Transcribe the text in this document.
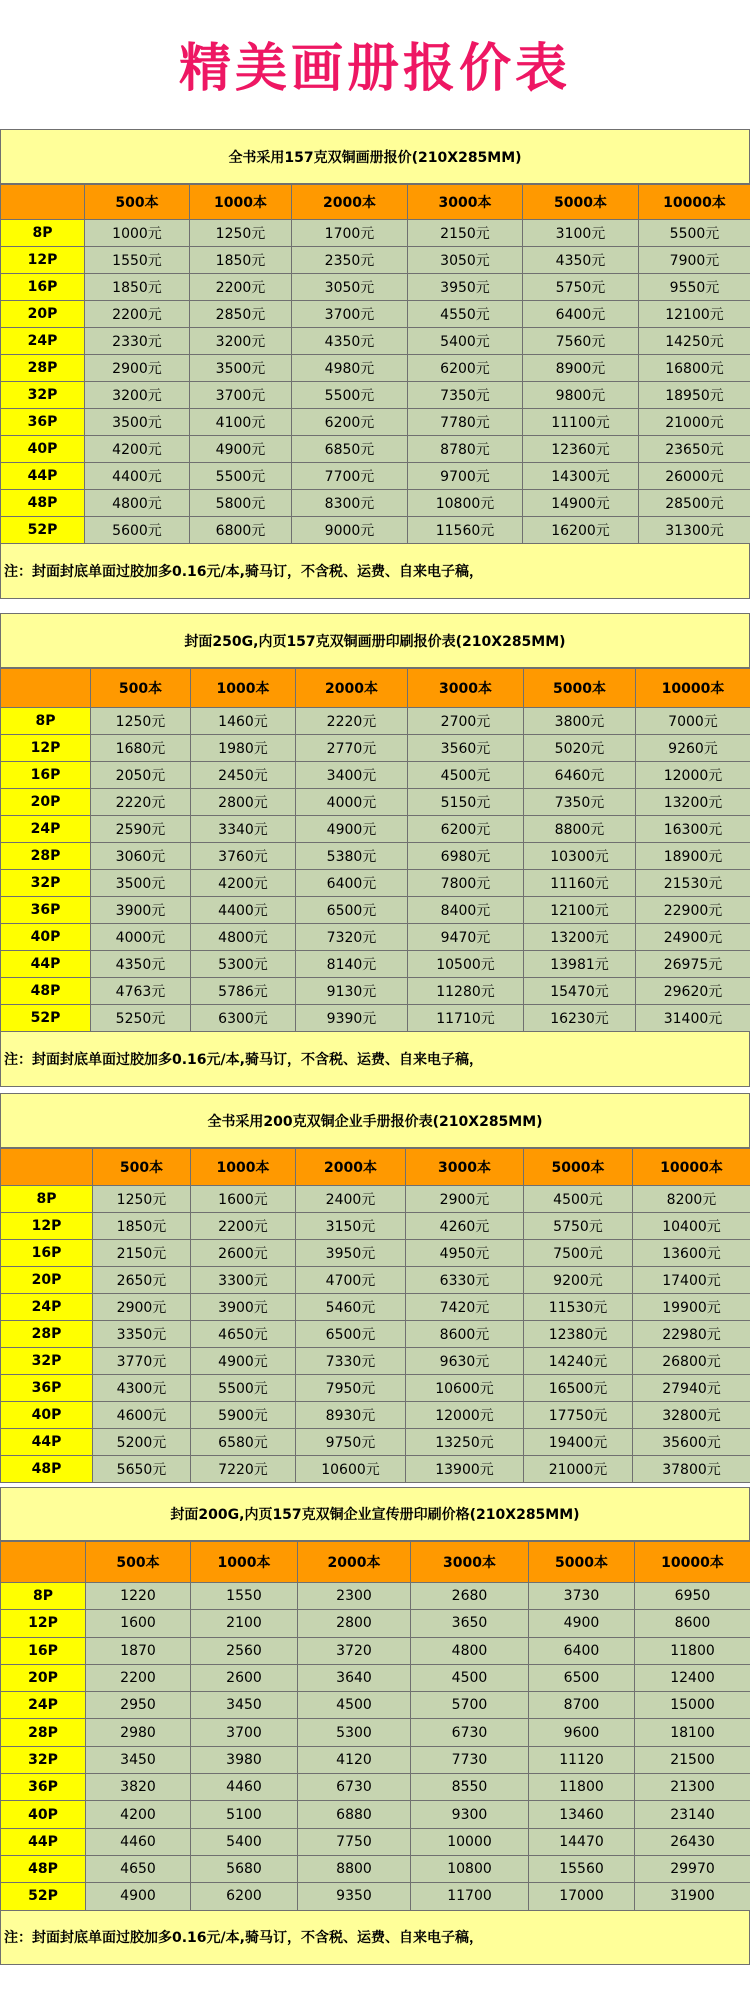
精美画册报价表
全书采用157克双铜画册报价(210X285MM)
	500本	1000本	2000本	3000本	5000本	10000本
8P	1000元	1250元	1700元	2150元	3100元	5500元
12P	1550元	1850元	2350元	3050元	4350元	7900元
16P	1850元	2200元	3050元	3950元	5750元	9550元
20P	2200元	2850元	3700元	4550元	6400元	12100元
24P	2330元	3200元	4350元	5400元	7560元	14250元
28P	2900元	3500元	4980元	6200元	8900元	16800元
32P	3200元	3700元	5500元	7350元	9800元	18950元
36P	3500元	4100元	6200元	7780元	11100元	21000元
40P	4200元	4900元	6850元	8780元	12360元	23650元
44P	4400元	5500元	7700元	9700元	14300元	26000元
48P	4800元	5800元	8300元	10800元	14900元	28500元
52P	5600元	6800元	9000元	11560元	16200元	31300元
注：封面封底单面过胶加多0.16元/本,骑马订，不含税、运费、自来电子稿，
封面250G,内页157克双铜画册印刷报价表(210X285MM)
	500本	1000本	2000本	3000本	5000本	10000本
8P	1250元	1460元	2220元	2700元	3800元	7000元
12P	1680元	1980元	2770元	3560元	5020元	9260元
16P	2050元	2450元	3400元	4500元	6460元	12000元
20P	2220元	2800元	4000元	5150元	7350元	13200元
24P	2590元	3340元	4900元	6200元	8800元	16300元
28P	3060元	3760元	5380元	6980元	10300元	18900元
32P	3500元	4200元	6400元	7800元	11160元	21530元
36P	3900元	4400元	6500元	8400元	12100元	22900元
40P	4000元	4800元	7320元	9470元	13200元	24900元
44P	4350元	5300元	8140元	10500元	13981元	26975元
48P	4763元	5786元	9130元	11280元	15470元	29620元
52P	5250元	6300元	9390元	11710元	16230元	31400元
注：封面封底单面过胶加多0.16元/本,骑马订，不含税、运费、自来电子稿，
全书采用200克双铜企业手册报价表(210X285MM)
	500本	1000本	2000本	3000本	5000本	10000本
8P	1250元	1600元	2400元	2900元	4500元	8200元
12P	1850元	2200元	3150元	4260元	5750元	10400元
16P	2150元	2600元	3950元	4950元	7500元	13600元
20P	2650元	3300元	4700元	6330元	9200元	17400元
24P	2900元	3900元	5460元	7420元	11530元	19900元
28P	3350元	4650元	6500元	8600元	12380元	22980元
32P	3770元	4900元	7330元	9630元	14240元	26800元
36P	4300元	5500元	7950元	10600元	16500元	27940元
40P	4600元	5900元	8930元	12000元	17750元	32800元
44P	5200元	6580元	9750元	13250元	19400元	35600元
48P	5650元	7220元	10600元	13900元	21000元	37800元
封面200G,内页157克双铜企业宣传册印刷价格(210X285MM)
	500本	1000本	2000本	3000本	5000本	10000本
8P	1220	1550	2300	2680	3730	6950
12P	1600	2100	2800	3650	4900	8600
16P	1870	2560	3720	4800	6400	11800
20P	2200	2600	3640	4500	6500	12400
24P	2950	3450	4500	5700	8700	15000
28P	2980	3700	5300	6730	9600	18100
32P	3450	3980	4120	7730	11120	21500
36P	3820	4460	6730	8550	11800	21300
40P	4200	5100	6880	9300	13460	23140
44P	4460	5400	7750	10000	14470	26430
48P	4650	5680	8800	10800	15560	29970
52P	4900	6200	9350	11700	17000	31900
注：封面封底单面过胶加多0.16元/本,骑马订，不含税、运费、自来电子稿，
